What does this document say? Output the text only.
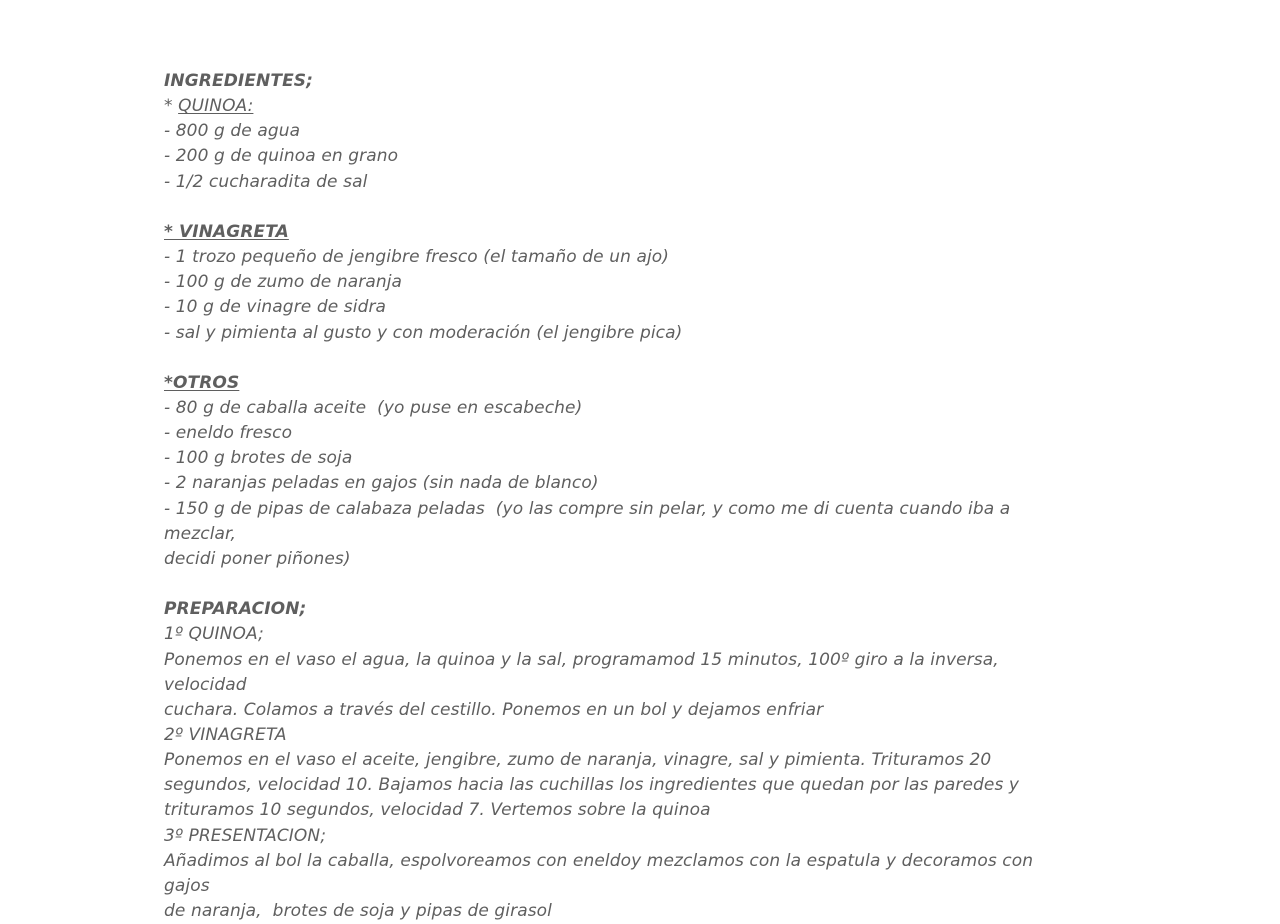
INGREDIENTES;
* QUINOA:
- 800 g de agua
- 200 g de quinoa en grano
- 1/2 cucharadita de sal
* VINAGRETA
- 1 trozo pequeño de jengibre fresco (el tamaño de un ajo)
- 100 g de zumo de naranja
- 10 g de vinagre de sidra
- sal y pimienta al gusto y con moderación (el jengibre pica)
*OTROS
- 80 g de caballa aceite  (yo puse en escabeche)
- eneldo fresco
- 100 g brotes de soja
- 2 naranjas peladas en gajos (sin nada de blanco)
- 150 g de pipas de calabaza peladas  (yo las compre sin pelar, y como me di cuenta cuando iba a mezclar,
decidi poner piñones)
PREPARACION;
1º QUINOA;
Ponemos en el vaso el agua, la quinoa y la sal, programamod 15 minutos, 100º giro a la inversa, velocidad
cuchara. Colamos a través del cestillo. Ponemos en un bol y dejamos enfriar
2º VINAGRETA
Ponemos en el vaso el aceite, jengibre, zumo de naranja, vinagre, sal y pimienta. Trituramos 20
segundos, velocidad 10. Bajamos hacia las cuchillas los ingredientes que quedan por las paredes y
trituramos 10 segundos, velocidad 7. Vertemos sobre la quinoa
3º PRESENTACION;
Añadimos al bol la caballa, espolvoreamos con eneldoy mezclamos con la espatula y decoramos con gajos
de naranja,  brotes de soja y pipas de girasol
